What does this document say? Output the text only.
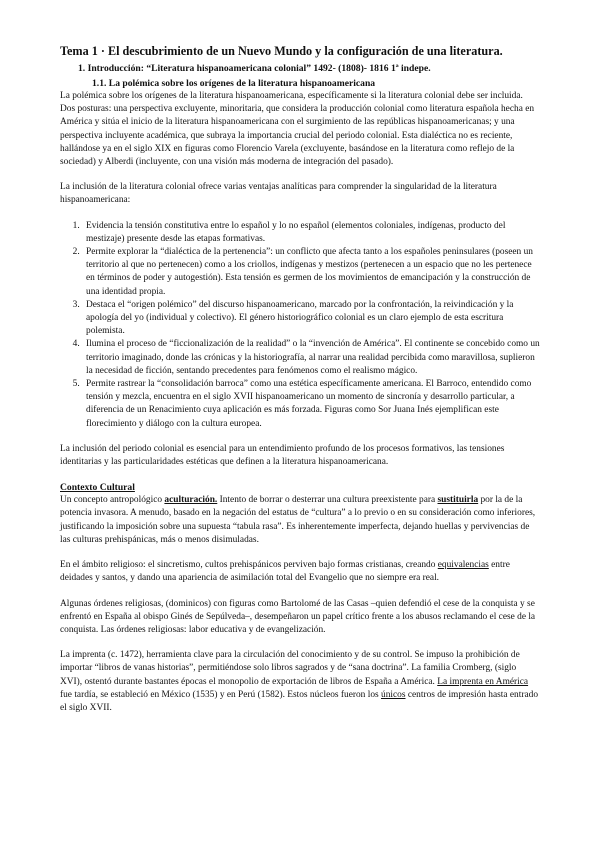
Tema 1 · El descubrimiento de un Nuevo Mundo y la configuración de una literatura.
1. Introducción: “Literatura hispanoamericana colonial” 1492- (1808)- 1816 1ª indepe.
1.1. La polémica sobre los orígenes de la literatura hispanoamericana

La polémica sobre los orígenes de la literatura hispanoamericana, específicamente si la literatura colonial debe ser incluida. Dos posturas: una perspectiva excluyente, minoritaria, que considera la producción colonial como literatura española hecha en América y sitúa el inicio de la literatura hispanoamericana con el surgimiento de las repúblicas hispanoamericanas; y una perspectiva incluyente académica, que subraya la importancia crucial del periodo colonial. Esta dialéctica no es reciente, hallándose ya en el siglo XIX en figuras como Florencio Varela (excluyente, basándose en la literatura como reflejo de la sociedad) y Alberdi (incluyente, con una visión más moderna de integración del pasado).

La inclusión de la literatura colonial ofrece varias ventajas analíticas para comprender la singularidad de la literatura hispanoamericana:

1. Evidencia la tensión constitutiva entre lo español y lo no español (elementos coloniales, indígenas, producto del mestizaje) presente desde las etapas formativas.
2. Permite explorar la “dialéctica de la pertenencia”: un conflicto que afecta tanto a los españoles peninsulares (poseen un territorio al que no pertenecen) como a los criollos, indígenas y mestizos (pertenecen a un espacio que no les pertenece en términos de poder y autogestión). Esta tensión es germen de los movimientos de emancipación y la construcción de una identidad propia.
3. Destaca el “origen polémico” del discurso hispanoamericano, marcado por la confrontación, la reivindicación y la apología del yo (individual y colectivo). El género historiográfico colonial es un claro ejemplo de esta escritura polemista.
4. Ilumina el proceso de “ficcionalización de la realidad” o la “invención de América”. El continente se concebido como un territorio imaginado, donde las crónicas y la historiografía, al narrar una realidad percibida como maravillosa, suplieron la necesidad de ficción, sentando precedentes para fenómenos como el realismo mágico.
5. Permite rastrear la “consolidación barroca” como una estética específicamente americana. El Barroco, entendido como tensión y mezcla, encuentra en el siglo XVII hispanoamericano un momento de sincronía y desarrollo particular, a diferencia de un Renacimiento cuya aplicación es más forzada. Figuras como Sor Juana Inés ejemplifican este florecimiento y diálogo con la cultura europea.

La inclusión del periodo colonial es esencial para un entendimiento profundo de los procesos formativos, las tensiones identitarias y las particularidades estéticas que definen a la literatura hispanoamericana.

Contexto Cultural

Un concepto antropológico aculturación. Intento de borrar o desterrar una cultura preexistente para sustituirla por la de la potencia invasora. A menudo, basado en la negación del estatus de “cultura” a lo previo o en su consideración como inferiores, justificando la imposición sobre una supuesta “tabula rasa”. Es inherentemente imperfecta, dejando huellas y pervivencias de las culturas prehispánicas, más o menos disimuladas.

En el ámbito religioso: el sincretismo, cultos prehispánicos perviven bajo formas cristianas, creando equivalencias entre deidades y santos, y dando una apariencia de asimilación total del Evangelio que no siempre era real.

Algunas órdenes religiosas, (dominicos) con figuras como Bartolomé de las Casas –quien defendió el cese de la conquista y se enfrentó en España al obispo Ginés de Sepúlveda–, desempeñaron un papel crítico frente a los abusos reclamando el cese de la conquista. Las órdenes religiosas: labor educativa y de evangelización.

La imprenta (c. 1472), herramienta clave para la circulación del conocimiento y de su control. Se impuso la prohibición de importar “libros de vanas historias”, permitiéndose solo libros sagrados y de “sana doctrina”. La familia Cromberg, (siglo XVI), ostentó durante bastantes épocas el monopolio de exportación de libros de España a América. La imprenta en América fue tardía, se estableció en México (1535) y en Perú (1582). Estos núcleos fueron los únicos centros de impresión hasta entrado el siglo XVII.
